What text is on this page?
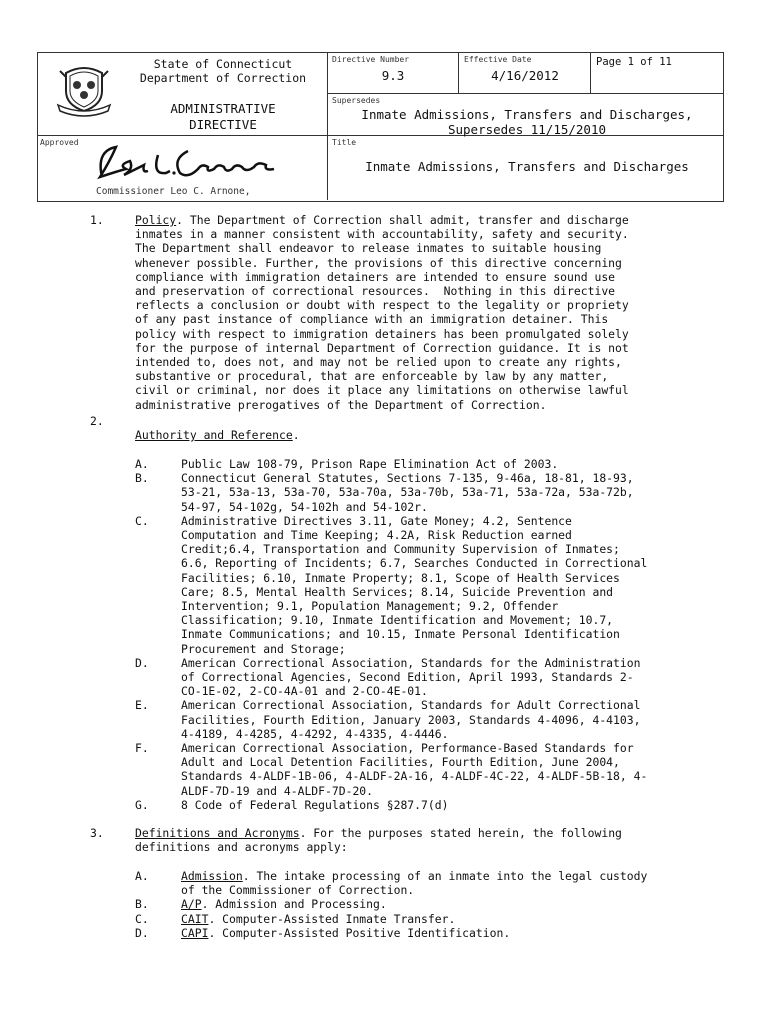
State of Connecticut
Department of Correction
ADMINISTRATIVE
DIRECTIVE
Directive Number
9.3
Effective Date
4/16/2012
Page 1 of 11
Supersedes
Inmate Admissions, Transfers and Discharges,
Supersedes 11/15/2010
Approved	Title
Inmate Admissions, Transfers and Discharges
Commissioner Leo C. Arnone,
1.	Policy. The Department of Correction shall admit, transfer and discharge
inmates in a manner consistent with accountability, safety and security.
The Department shall endeavor to release inmates to suitable housing
whenever possible. Further, the provisions of this directive concerning
compliance with immigration detainers are intended to ensure sound use
and preservation of correctional resources.  Nothing in this directive
reflects a conclusion or doubt with respect to the legality or propriety
of any past instance of compliance with an immigration detainer. This
policy with respect to immigration detainers has been promulgated solely
for the purpose of internal Department of Correction guidance. It is not
intended to, does not, and may not be relied upon to create any rights,
substantive or procedural, that are enforceable by law by any matter,
civil or criminal, nor does it place any limitations on otherwise lawful
administrative prerogatives of the Department of Correction.
2.
Authority and Reference.
A.
B.

C.

D.

E.

F.

G.
Public Law 108-79, Prison Rape Elimination Act of 2003.
Connecticut General Statutes, Sections 7-135, 9-46a, 18-81, 18-93,
53-21, 53a-13, 53a-70, 53a-70a, 53a-70b, 53a-71, 53a-72a, 53a-72b,
54-97, 54-102g, 54-102h and 54-102r.
Administrative Directives 3.11, Gate Money; 4.2, Sentence
Computation and Time Keeping; 4.2A, Risk Reduction earned
Credit;6.4, Transportation and Community Supervision of Inmates;
6.6, Reporting of Incidents; 6.7, Searches Conducted in Correctional
Facilities; 6.10, Inmate Property; 8.1, Scope of Health Services
Care; 8.5, Mental Health Services; 8.14, Suicide Prevention and
Intervention; 9.1, Population Management; 9.2, Offender
Classification; 9.10, Inmate Identification and Movement; 10.7,
Inmate Communications; and 10.15, Inmate Personal Identification
Procurement and Storage;
American Correctional Association, Standards for the Administration
of Correctional Agencies, Second Edition, April 1993, Standards 2-
CO-1E-02, 2-CO-4A-01 and 2-CO-4E-01.
American Correctional Association, Standards for Adult Correctional
Facilities, Fourth Edition, January 2003, Standards 4-4096, 4-4103,
4-4189, 4-4285, 4-4292, 4-4335, 4-4446.
American Correctional Association, Performance-Based Standards for
Adult and Local Detention Facilities, Fourth Edition, June 2004,
Standards 4-ALDF-1B-06, 4-ALDF-2A-16, 4-ALDF-4C-22, 4-ALDF-5B-18, 4-
ALDF-7D-19 and 4-ALDF-7D-20.
8 Code of Federal Regulations §287.7(d)
3.	Definitions and Acronyms. For the purposes stated herein, the following
definitions and acronyms apply:
A.

B.
C.
D.
Admission. The intake processing of an inmate into the legal custody
of the Commissioner of Correction.
A/P. Admission and Processing.
CAIT. Computer-Assisted Inmate Transfer.
CAPI. Computer-Assisted Positive Identification.
